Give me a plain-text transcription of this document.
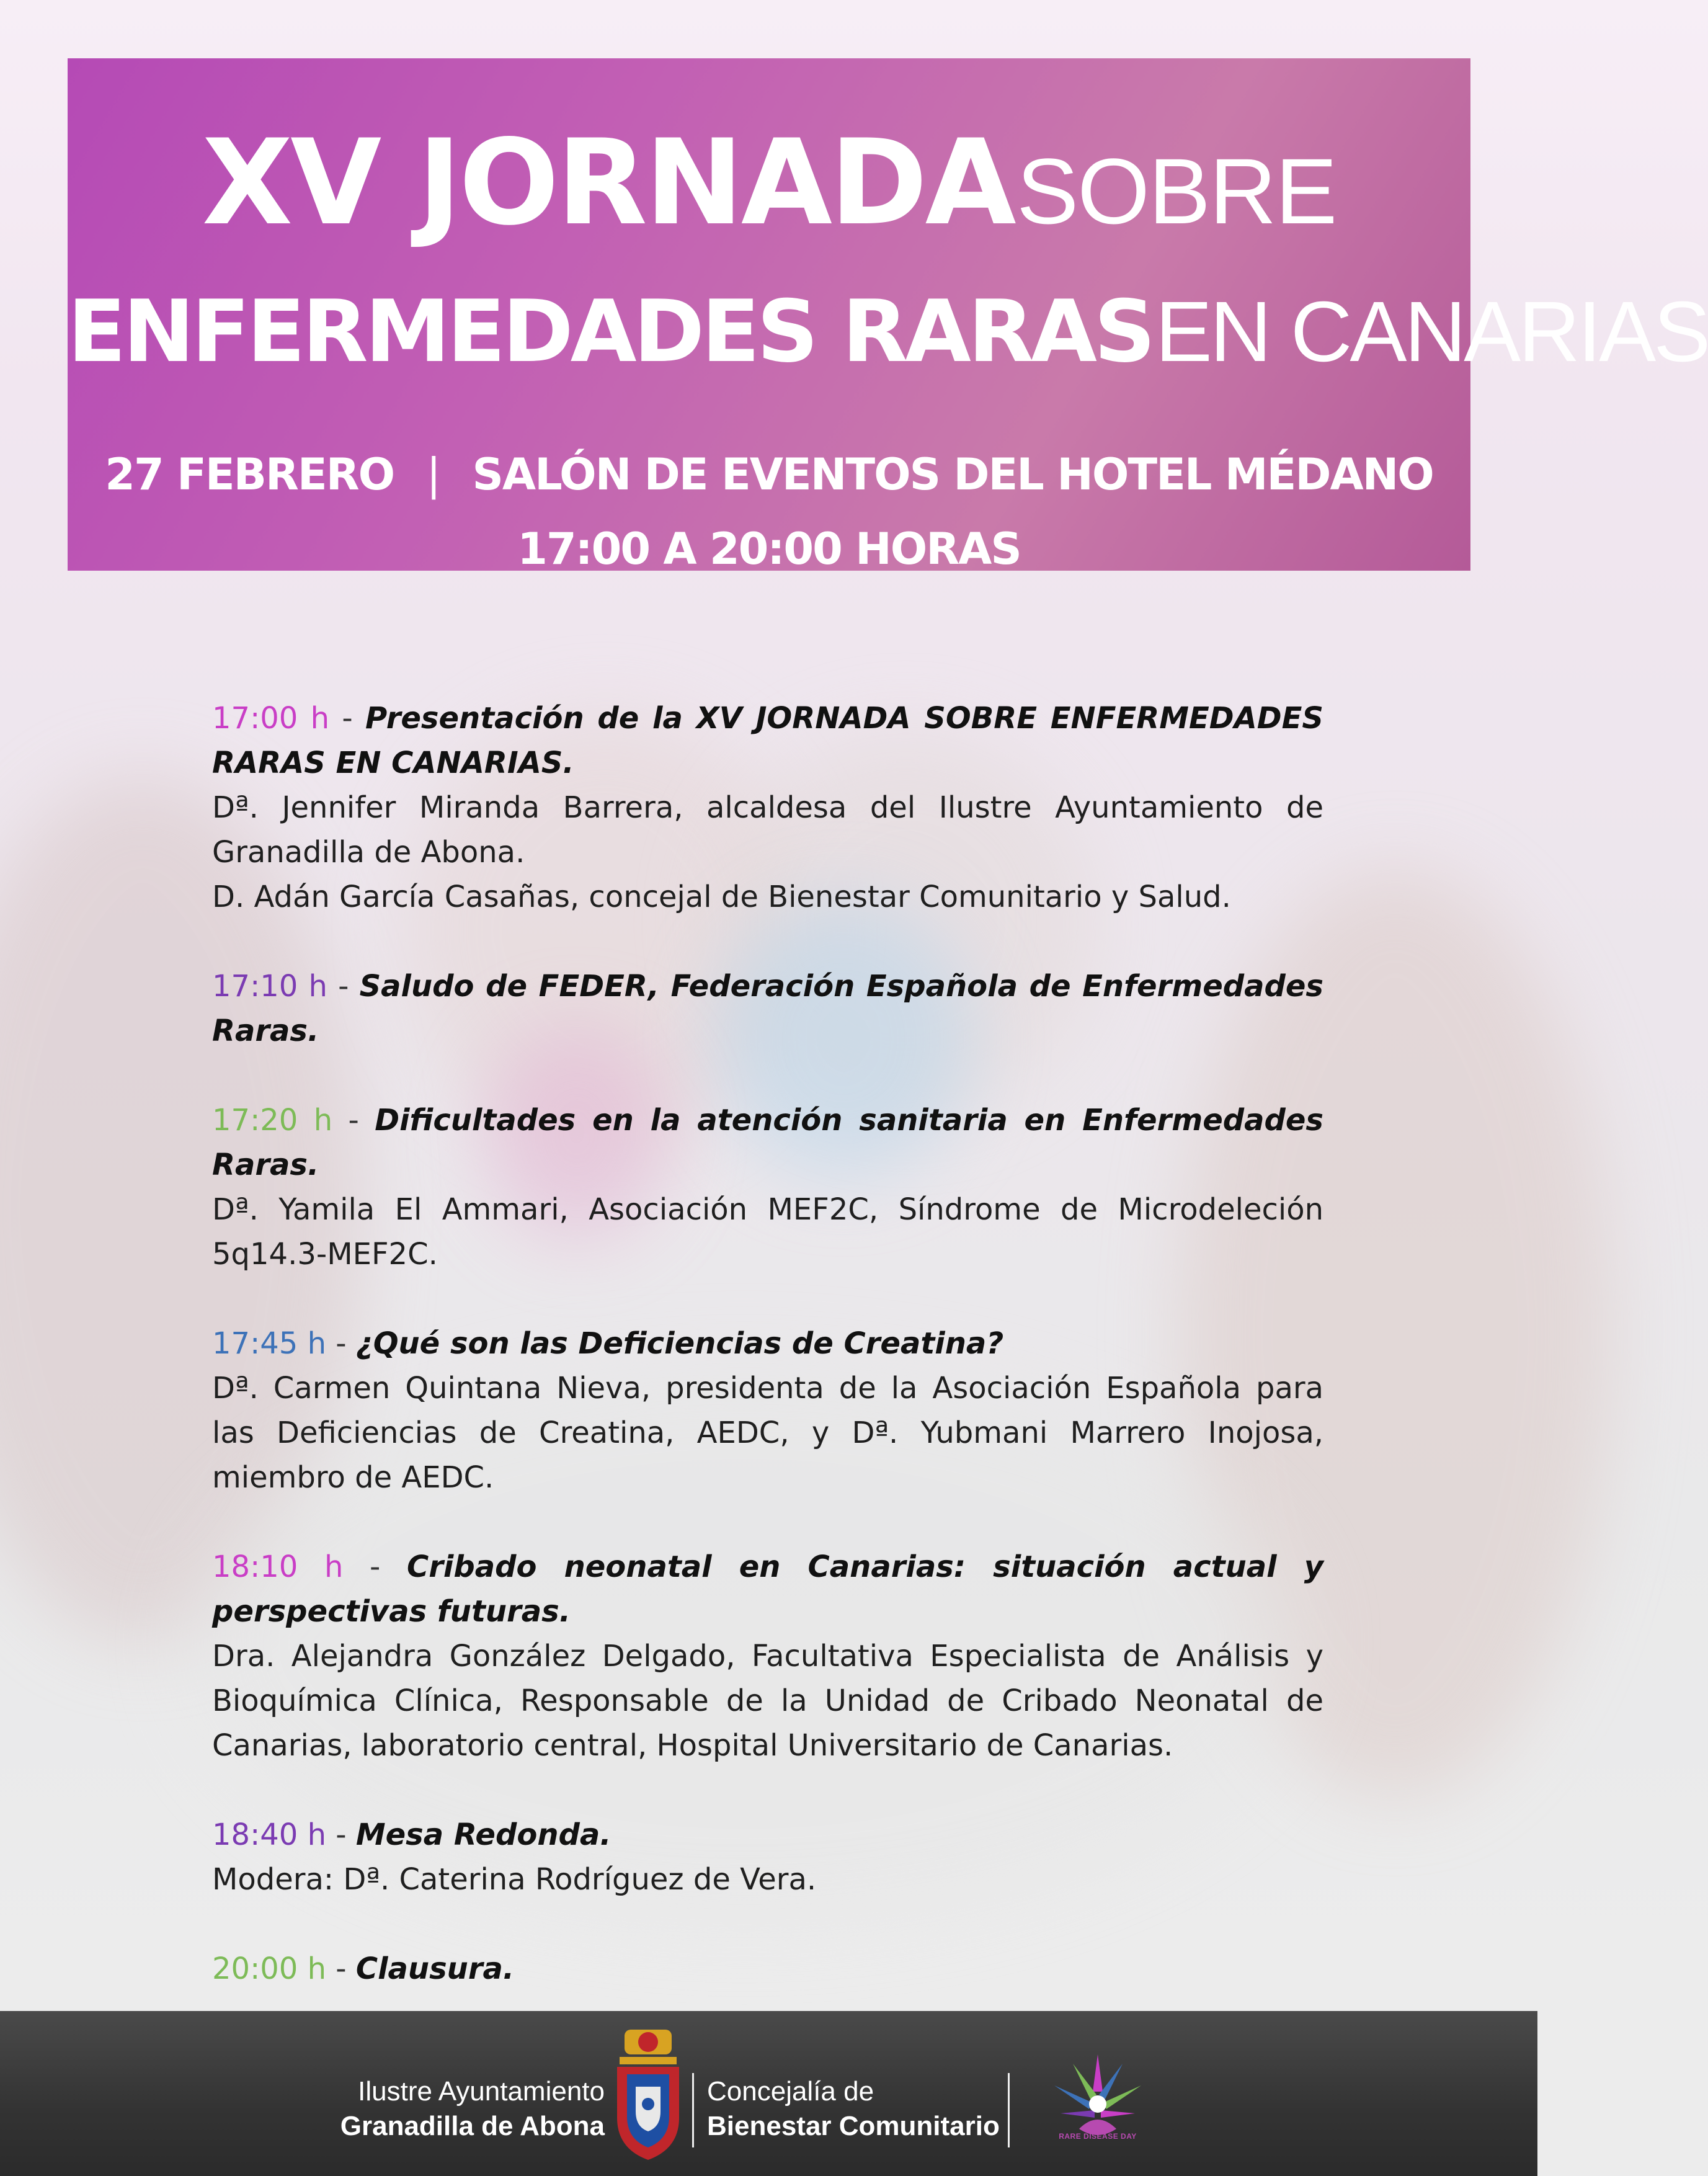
XV JORNADA SOBRE
ENFERMEDADES RARAS EN CANARIAS
27 FEBRERO | SALÓN DE EVENTOS DEL HOTEL MÉDANO
17:00 A 20:00 HORAS

17:00 h - Presentación de la XV JORNADA SOBRE ENFERMEDADES RARAS EN CANARIAS.

Dª. Jennifer Miranda Barrera, alcaldesa del Ilustre Ayuntamiento de Granadilla de Abona.

D. Adán García Casañas, concejal de Bienestar Comunitario y Salud.

17:10 h - Saludo de FEDER, Federación Española de Enfermedades Raras.

17:20 h - Dificultades en la atención sanitaria en Enfermedades Raras.

Dª. Yamila El Ammari, Asociación MEF2C, Síndrome de Microdeleción 5q14.3-MEF2C.

17:45 h - ¿Qué son las Deficiencias de Creatina?

Dª. Carmen Quintana Nieva, presidenta de la Asociación Española para las Deficiencias de Creatina, AEDC, y Dª. Yubmani Marrero Inojosa, miembro de AEDC.

18:10 h - Cribado neonatal en Canarias: situación actual y perspectivas futuras.

Dra. Alejandra González Delgado, Facultativa Especialista de Análisis y Bioquímica Clínica, Responsable de la Unidad de Cribado Neonatal de Canarias, laboratorio central, Hospital Universitario de Canarias.

18:40 h - Mesa Redonda.

Modera: Dª. Caterina Rodríguez de Vera.

20:00 h - Clausura.

Ilustre Ayuntamiento
Granadilla de Abona
Concejalía de
Bienestar Comunitario	RARE DISEASE DAY
